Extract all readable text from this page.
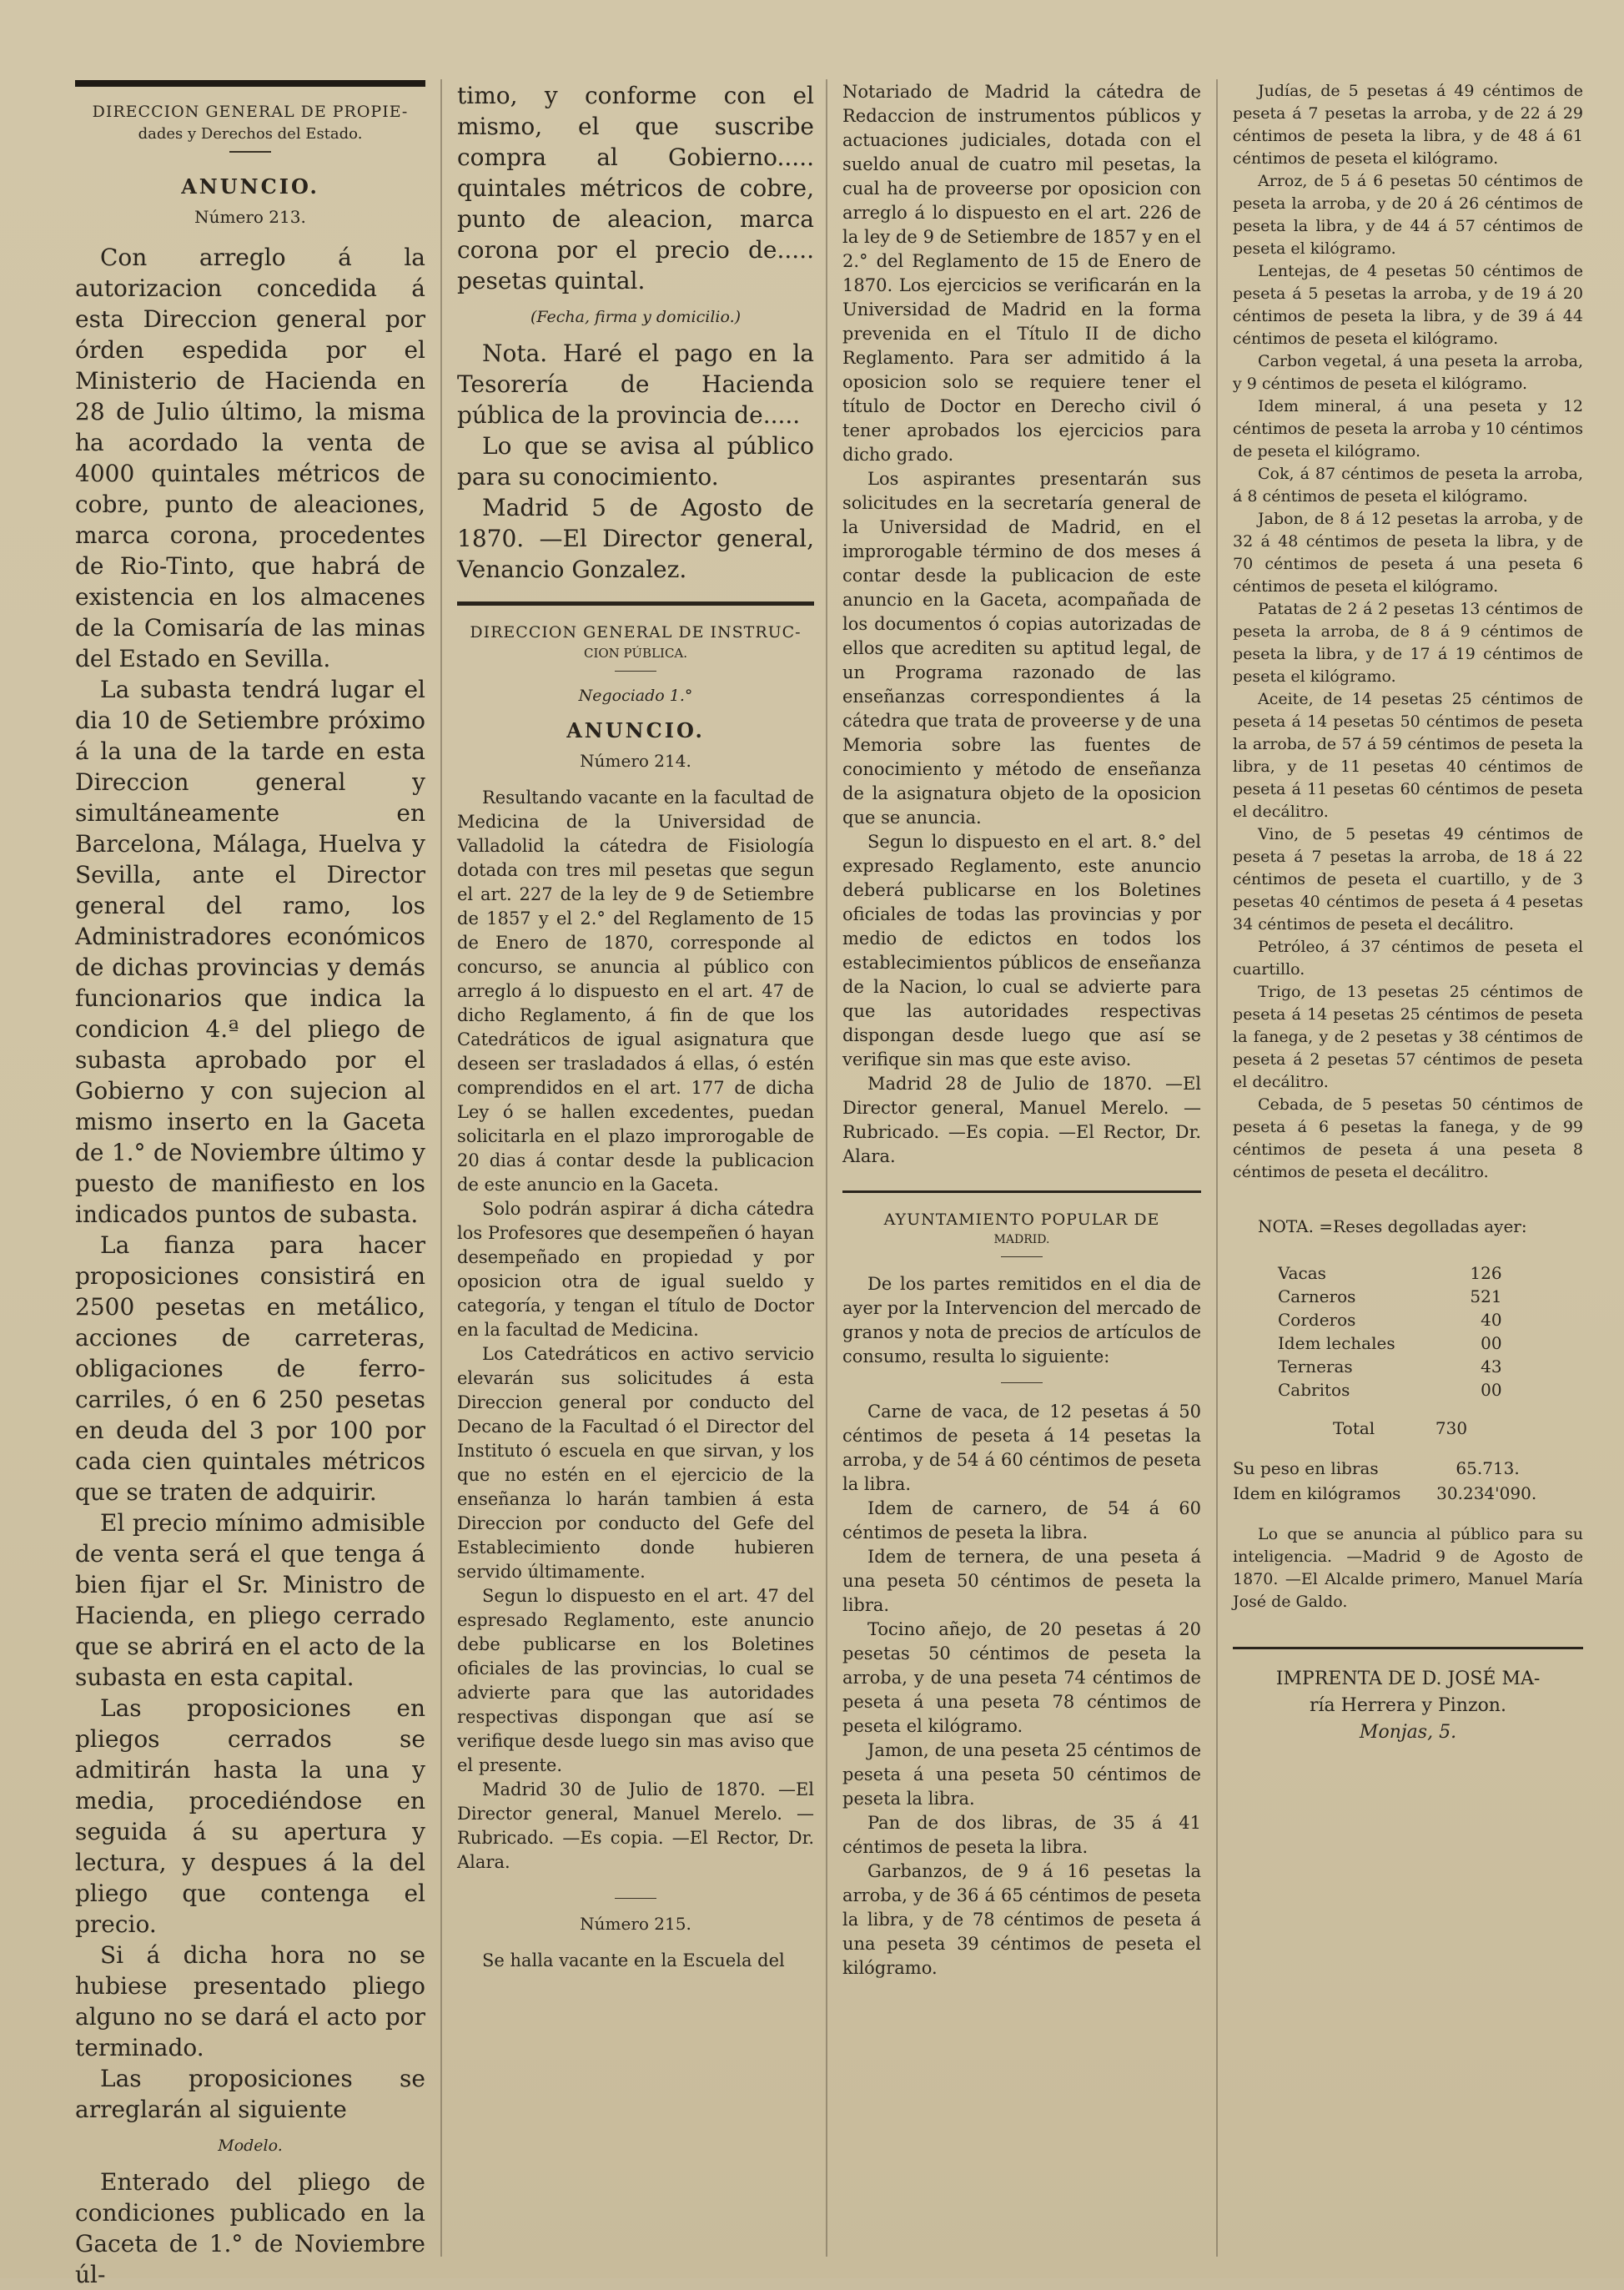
DIRECCION GENERAL DE PROPIE-
dades y Derechos del Estado.
ANUNCIO.
Número 213.

Con arreglo á la autorizacion concedida á esta Direccion general por órden espedida por el Ministerio de Hacienda en 28 de Julio último, la misma ha acordado la venta de 4000 quintales métricos de cobre, punto de aleaciones, marca corona, procedentes de Rio-Tinto, que habrá de existencia en los almacenes de la Comisaría de las minas del Estado en Sevilla.

La subasta tendrá lugar el dia 10 de Setiembre próximo á la una de la tarde en esta Direccion general y simultáneamente en Barcelona, Málaga, Huelva y Sevilla, ante el Director general del ramo, los Administradores económicos de dichas provincias y demás funcionarios que indica la condicion 4.ª del pliego de subasta aprobado por el Gobierno y con sujecion al mismo inserto en la Gaceta de 1.° de Noviembre último y puesto de manifiesto en los indicados puntos de subasta.

La fianza para hacer proposiciones consistirá en 2500 pesetas en metálico, acciones de carreteras, obligaciones de ferro-carriles, ó en 6 250 pesetas en deuda del 3 por 100 por cada cien quintales métricos que se traten de adquirir.

El precio mínimo admisible de venta será el que tenga á bien fijar el Sr. Ministro de Hacienda, en pliego cerrado que se abrirá en el acto de la subasta en esta capital.

Las proposiciones en pliegos cerrados se admitirán hasta la una y media, procediéndose en seguida á su apertura y lectura, y despues á la del pliego que contenga el precio.

Si á dicha hora no se hubiese presentado pliego alguno no se dará el acto por terminado.

Las proposiciones se arreglarán al siguiente

Modelo.

Enterado del pliego de condiciones publicado en la Gaceta de 1.° de Noviembre úl-

timo, y conforme con el mismo, el que suscribe compra al Gobierno..... quintales métricos de cobre, punto de aleacion, marca corona por el precio de..... pesetas quintal.

(Fecha, firma y domicilio.)

Nota. Haré el pago en la Tesorería de Hacienda pública de la provincia de.....

Lo que se avisa al público para su conocimiento.

Madrid 5 de Agosto de 1870. —El Director general, Venancio Gonzalez.

DIRECCION GENERAL DE INSTRUC-
CION PÚBLICA.
Negociado 1.°
ANUNCIO.
Número 214.

Resultando vacante en la facultad de Medicina de la Universidad de Valladolid la cátedra de Fisiología dotada con tres mil pesetas que segun el art. 227 de la ley de 9 de Setiembre de 1857 y el 2.° del Reglamento de 15 de Enero de 1870, corresponde al concurso, se anuncia al público con arreglo á lo dispuesto en el art. 47 de dicho Reglamento, á fin de que los Catedráticos de igual asignatura que deseen ser trasladados á ellas, ó estén comprendidos en el art. 177 de dicha Ley ó se hallen excedentes, puedan solicitarla en el plazo improrogable de 20 dias á contar desde la publicacion de este anuncio en la Gaceta.

Solo podrán aspirar á dicha cátedra los Profesores que desempeñen ó hayan desempeñado en propiedad y por oposicion otra de igual sueldo y categoría, y tengan el título de Doctor en la facultad de Medicina.

Los Catedráticos en activo servicio elevarán sus solicitudes á esta Direccion general por conducto del Decano de la Facultad ó el Director del Instituto ó escuela en que sirvan, y los que no estén en el ejercicio de la enseñanza lo harán tambien á esta Direccion por conducto del Gefe del Establecimiento donde hubieren servido últimamente.

Segun lo dispuesto en el art. 47 del espresado Reglamento, este anuncio debe publicarse en los Boletines oficiales de las provincias, lo cual se advierte para que las autoridades respectivas dispongan que así se verifique desde luego sin mas aviso que el presente.

Madrid 30 de Julio de 1870. —El Director general, Manuel Merelo. —Rubricado. —Es copia. —El Rector, Dr. Alara.

Número 215.

Se halla vacante en la Escuela del

Notariado de Madrid la cátedra de Redaccion de instrumentos públicos y actuaciones judiciales, dotada con el sueldo anual de cuatro mil pesetas, la cual ha de proveerse por oposicion con arreglo á lo dispuesto en el art. 226 de la ley de 9 de Setiembre de 1857 y en el 2.° del Reglamento de 15 de Enero de 1870. Los ejercicios se verificarán en la Universidad de Madrid en la forma prevenida en el Título II de dicho Reglamento. Para ser admitido á la oposicion solo se requiere tener el título de Doctor en Derecho civil ó tener aprobados los ejercicios para dicho grado.

Los aspirantes presentarán sus solicitudes en la secretaría general de la Universidad de Madrid, en el improrogable término de dos meses á contar desde la publicacion de este anuncio en la Gaceta, acompañada de los documentos ó copias autorizadas de ellos que acrediten su aptitud legal, de un Programa razonado de las enseñanzas correspondientes á la cátedra que trata de proveerse y de una Memoria sobre las fuentes de conocimiento y método de enseñanza de la asignatura objeto de la oposicion que se anuncia.

Segun lo dispuesto en el art. 8.° del expresado Reglamento, este anuncio deberá publicarse en los Boletines oficiales de todas las provincias y por medio de edictos en todos los establecimientos públicos de enseñanza de la Nacion, lo cual se advierte para que las autoridades respectivas dispongan desde luego que así se verifique sin mas que este aviso.

Madrid 28 de Julio de 1870. —El Director general, Manuel Merelo. —Rubricado. —Es copia. —El Rector, Dr. Alara.

AYUNTAMIENTO POPULAR DE
MADRID.

De los partes remitidos en el dia de ayer por la Intervencion del mercado de granos y nota de precios de artículos de consumo, resulta lo siguiente:

Carne de vaca, de 12 pesetas á 50 céntimos de peseta á 14 pesetas la arroba, y de 54 á 60 céntimos de peseta la libra.

Idem de carnero, de 54 á 60 céntimos de peseta la libra.

Idem de ternera, de una peseta á una peseta 50 céntimos de peseta la libra.

Tocino añejo, de 20 pesetas á 20 pesetas 50 céntimos de peseta la arroba, y de una peseta 74 céntimos de peseta á una peseta 78 céntimos de peseta el kilógramo.

Jamon, de una peseta 25 céntimos de peseta á una peseta 50 céntimos de peseta la libra.

Pan de dos libras, de 35 á 41 céntimos de peseta la libra.

Garbanzos, de 9 á 16 pesetas la arroba, y de 36 á 65 céntimos de peseta la libra, y de 78 céntimos de peseta á una peseta 39 céntimos de peseta el kilógramo.

Judías, de 5 pesetas á 49 céntimos de peseta á 7 pesetas la arroba, y de 22 á 29 céntimos de peseta la libra, y de 48 á 61 céntimos de peseta el kilógramo.

Arroz, de 5 á 6 pesetas 50 céntimos de peseta la arroba, y de 20 á 26 céntimos de peseta la libra, y de 44 á 57 céntimos de peseta el kilógramo.

Lentejas, de 4 pesetas 50 céntimos de peseta á 5 pesetas la arroba, y de 19 á 20 céntimos de peseta la libra, y de 39 á 44 céntimos de peseta el kilógramo.

Carbon vegetal, á una peseta la arroba, y 9 céntimos de peseta el kilógramo.

Idem mineral, á una peseta y 12 céntimos de peseta la arroba y 10 céntimos de peseta el kilógramo.

Cok, á 87 céntimos de peseta la arroba, á 8 céntimos de peseta el kilógramo.

Jabon, de 8 á 12 pesetas la arroba, y de 32 á 48 céntimos de peseta la libra, y de 70 céntimos de peseta á una peseta 6 céntimos de peseta el kilógramo.

Patatas de 2 á 2 pesetas 13 céntimos de peseta la arroba, de 8 á 9 céntimos de peseta la libra, y de 17 á 19 céntimos de peseta el kilógramo.

Aceite, de 14 pesetas 25 céntimos de peseta á 14 pesetas 50 céntimos de peseta la arroba, de 57 á 59 céntimos de peseta la libra, y de 11 pesetas 40 céntimos de peseta á 11 pesetas 60 céntimos de peseta el decálitro.

Vino, de 5 pesetas 49 céntimos de peseta á 7 pesetas la arroba, de 18 á 22 céntimos de peseta el cuartillo, y de 3 pesetas 40 céntimos de peseta á 4 pesetas 34 céntimos de peseta el decálitro.

Petróleo, á 37 céntimos de peseta el cuartillo.

Trigo, de 13 pesetas 25 céntimos de peseta á 14 pesetas 25 céntimos de peseta la fanega, y de 2 pesetas y 38 céntimos de peseta á 2 pesetas 57 céntimos de peseta el decálitro.

Cebada, de 5 pesetas 50 céntimos de peseta á 6 pesetas la fanega, y de 99 céntimos de peseta á una peseta 8 céntimos de peseta el decálitro.

NOTA. =Reses degolladas ayer:
Vacas	126
Carneros	521
Corderos	40
Idem lechales	00
Terneras	43
Cabritos	00
Total	730
Su peso en libras	65.713.
Idem en kilógramos 30.234'090.

Lo que se anuncia al público para su inteligencia. —Madrid 9 de Agosto de 1870. —El Alcalde primero, Manuel María José de Galdo.

IMPRENTA DE D. JOSÉ MA-
ría Herrera y Pinzon.
Monjas, 5.
